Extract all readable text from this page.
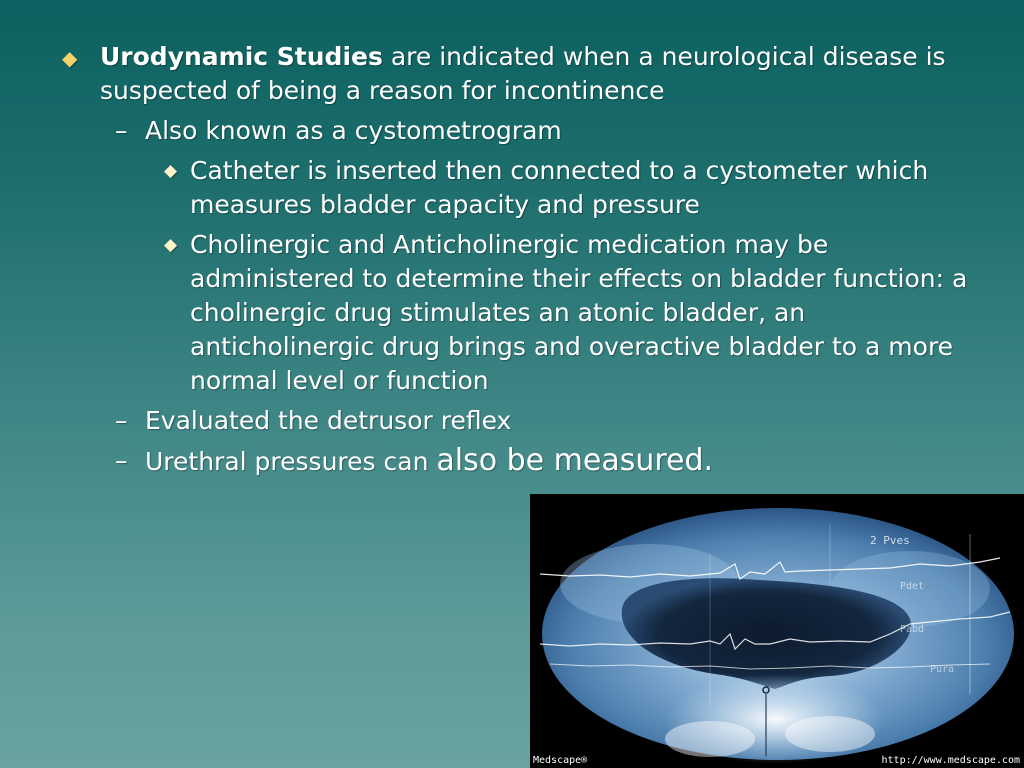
◆ Urodynamic Studies are indicated when a neurological disease is suspected of being a reason for incontinence
– Also known as a cystometrogram
◆ Catheter is inserted then connected to a cystometer which measures bladder capacity and pressure
◆ Cholinergic and Anticholinergic medication may be administered to determine their effects on bladder function: a cholinergic drug stimulates an atonic bladder, an anticholinergic drug brings and overactive bladder to a more normal level or function
– Evaluated the detrusor reflex
– Urethral pressures can also be measured.
2 Pves
Pdet
Pabd
Pura
Medscape®	http://www.medscape.com
